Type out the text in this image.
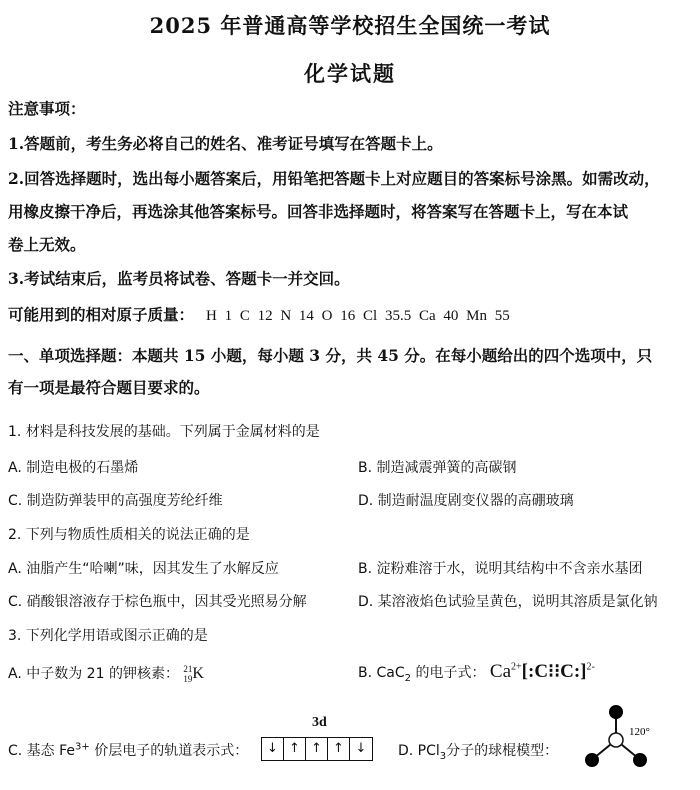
2025 年普通高等学校招生全国统一考试
化学试题
注意事项：
1.答题前，考生务必将自己的姓名、准考证号填写在答题卡上。
2.回答选择题时，选出每小题答案后，用铅笔把答题卡上对应题目的答案标号涂黑。如需改动，
用橡皮擦干净后，再选涂其他答案标号。回答非选择题时，将答案写在答题卡上，写在本试
卷上无效。
3.考试结束后，监考员将试卷、答题卡一并交回。
可能用到的相对原子质量： H 1 C 12 N 14 O 16 Cl 35.5 Ca 40 Mn 55
一、单项选择题：本题共 15 小题，每小题 3 分，共 45 分。在每小题给出的四个选项中，只
有一项是最符合题目要求的。
1. 材料是科技发展的基础。下列属于金属材料的是
A. 制造电极的石墨烯	B. 制造减震弹簧的高碳钢
C. 制造防弹装甲的高强度芳纶纤维	D. 制造耐温度剧变仪器的高硼玻璃
2. 下列与物质性质相关的说法正确的是
A. 油脂产生“哈喇”味，因其发生了水解反应	B. 淀粉难溶于水，说明其结构中不含亲水基团
C. 硝酸银溶液存于棕色瓶中，因其受光照易分解	D. 某溶液焰色试验呈黄色，说明其溶质是氯化钠
3. 下列化学用语或图示正确的是
A. 中子数为 21 的钾核素： 21
19K	B. CaC$_2$ 的电子式： $Ca^{2+}[:C⁝⁝C:]^{2-}$
C. 基态 $Fe^{3+}$ 价层电子的轨道表示式：
3d
↓ ↑ ↑ ↑ ↓	D. PCl$_3$分子的球棍模型：
120°
